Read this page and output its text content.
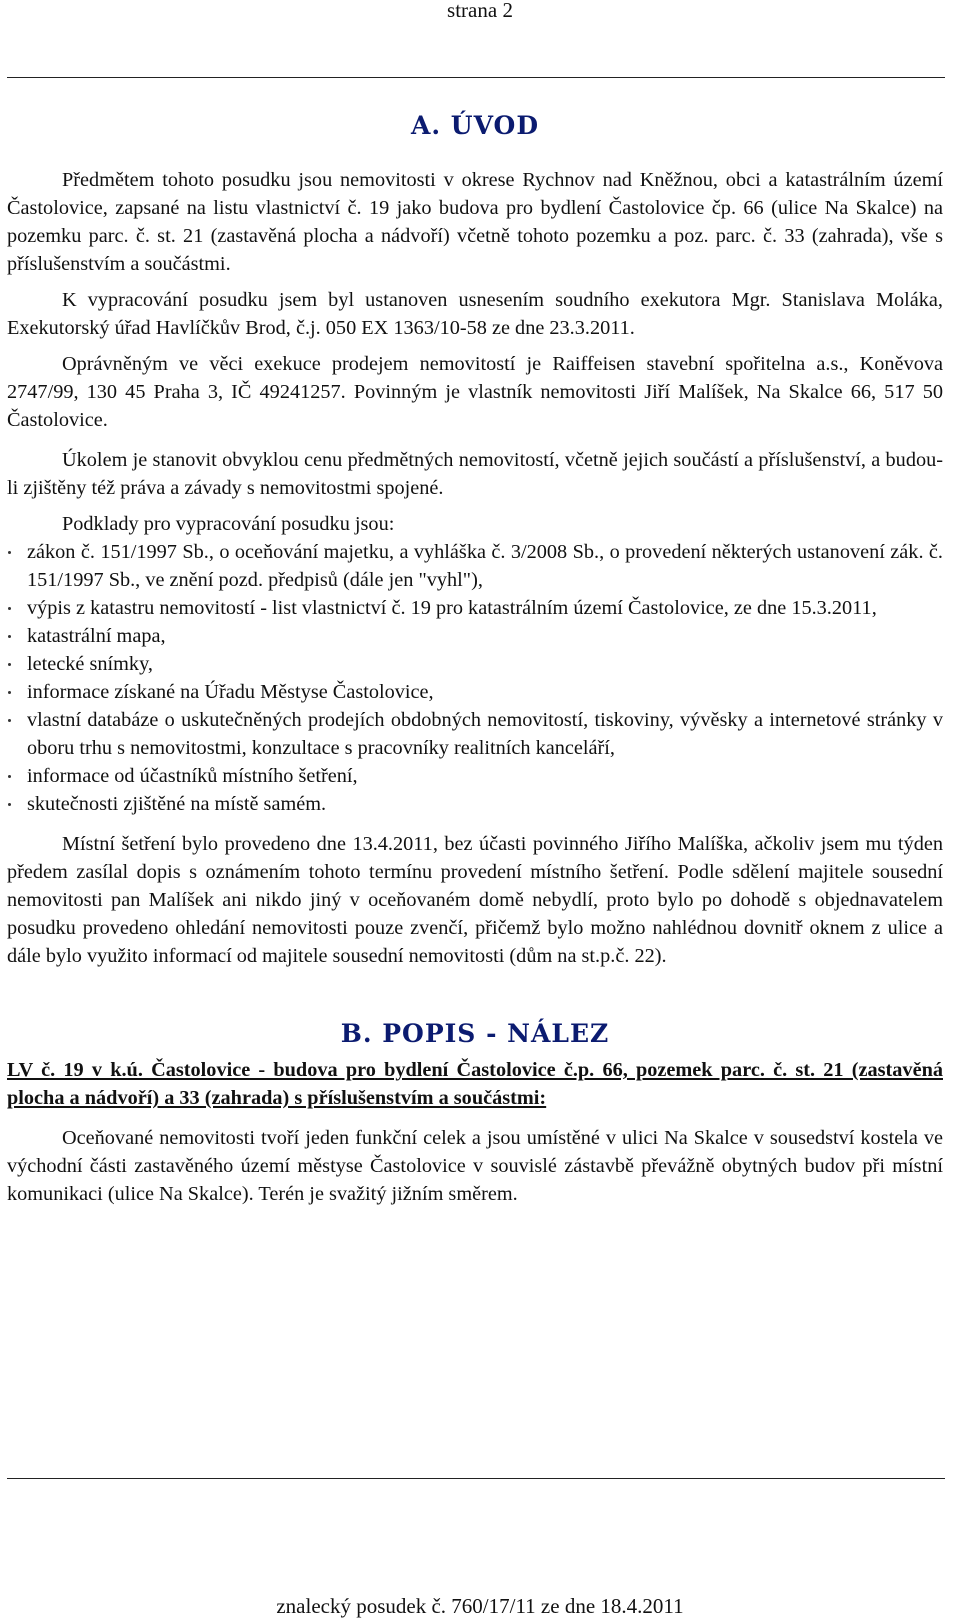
strana 2
A. ÚVOD

Předmětem tohoto posudku jsou nemovitosti v okrese Rychnov nad Kněžnou, obci a katastrálním území Častolovice, zapsané na listu vlastnictví č. 19 jako budova pro bydlení Častolovice čp. 66 (ulice Na Skalce) na pozemku parc. č. st. 21 (zastavěná plocha a nádvoří) včetně tohoto pozemku a poz. parc. č. 33 (zahrada), vše s příslušenstvím a součástmi.

K vypracování posudku jsem byl ustanoven usnesením soudního exekutora Mgr. Stanislava Moláka, Exekutorský úřad Havlíčkův Brod, č.j. 050 EX 1363/10-58 ze dne 23.3.2011.

Oprávněným ve věci exekuce prodejem nemovitostí je Raiffeisen stavební spořitelna a.s., Koněvova 2747/99, 130 45 Praha 3, IČ 49241257. Povinným je vlastník nemovitosti Jiří Malíšek, Na Skalce 66, 517 50 Častolovice.

Úkolem je stanovit obvyklou cenu předmětných nemovitostí, včetně jejich součástí a příslušenství, a budou-li zjištěny též práva a závady s nemovitostmi spojené.

Podklady pro vypracování posudku jsou:

zákon č. 151/1997 Sb., o oceňování majetku, a vyhláška č. 3/2008 Sb., o provedení některých ustanovení zák. č. 151/1997 Sb., ve znění pozd. předpisů (dále jen "vyhl"),
výpis z katastru nemovitostí - list vlastnictví č. 19 pro katastrálním území Častolovice, ze dne 15.3.2011,
katastrální mapa,
letecké snímky,
informace získané na Úřadu Městyse Častolovice,
vlastní databáze o uskutečněných prodejích obdobných nemovitostí, tiskoviny, vývěsky a internetové stránky v oboru trhu s nemovitostmi, konzultace s pracovníky realitních kanceláří,
informace od účastníků místního šetření,
skutečnosti zjištěné na místě samém.

Místní šetření bylo provedeno dne 13.4.2011, bez účasti povinného Jiřího Malíška, ačkoliv jsem mu týden předem zasílal dopis s oznámením tohoto termínu provedení místního šetření. Podle sdělení majitele sousední nemovitosti pan Malíšek ani nikdo jiný v oceňovaném domě nebydlí, proto bylo po dohodě s objednavatelem posudku provedeno ohledání nemovitosti pouze zvenčí, přičemž bylo možno nahlédnou dovnitř oknem z ulice a dále bylo využito informací od majitele sousední nemovitosti (dům na st.p.č. 22).

B. POPIS - NÁLEZ
LV č. 19 v k.ú. Častolovice - budova pro bydlení Častolovice č.p. 66, pozemek parc. č. st. 21 (zastavěná plocha a nádvoří) a 33 (zahrada) s příslušenstvím a součástmi:

Oceňované nemovitosti tvoří jeden funkční celek a jsou umístěné v ulici Na Skalce v sousedství kostela ve východní části zastavěného území městyse Častolovice v souvislé zástavbě převážně obytných budov při místní komunikaci (ulice Na Skalce). Terén je svažitý jižním směrem.

znalecký posudek č. 760/17/11 ze dne 18.4.2011
